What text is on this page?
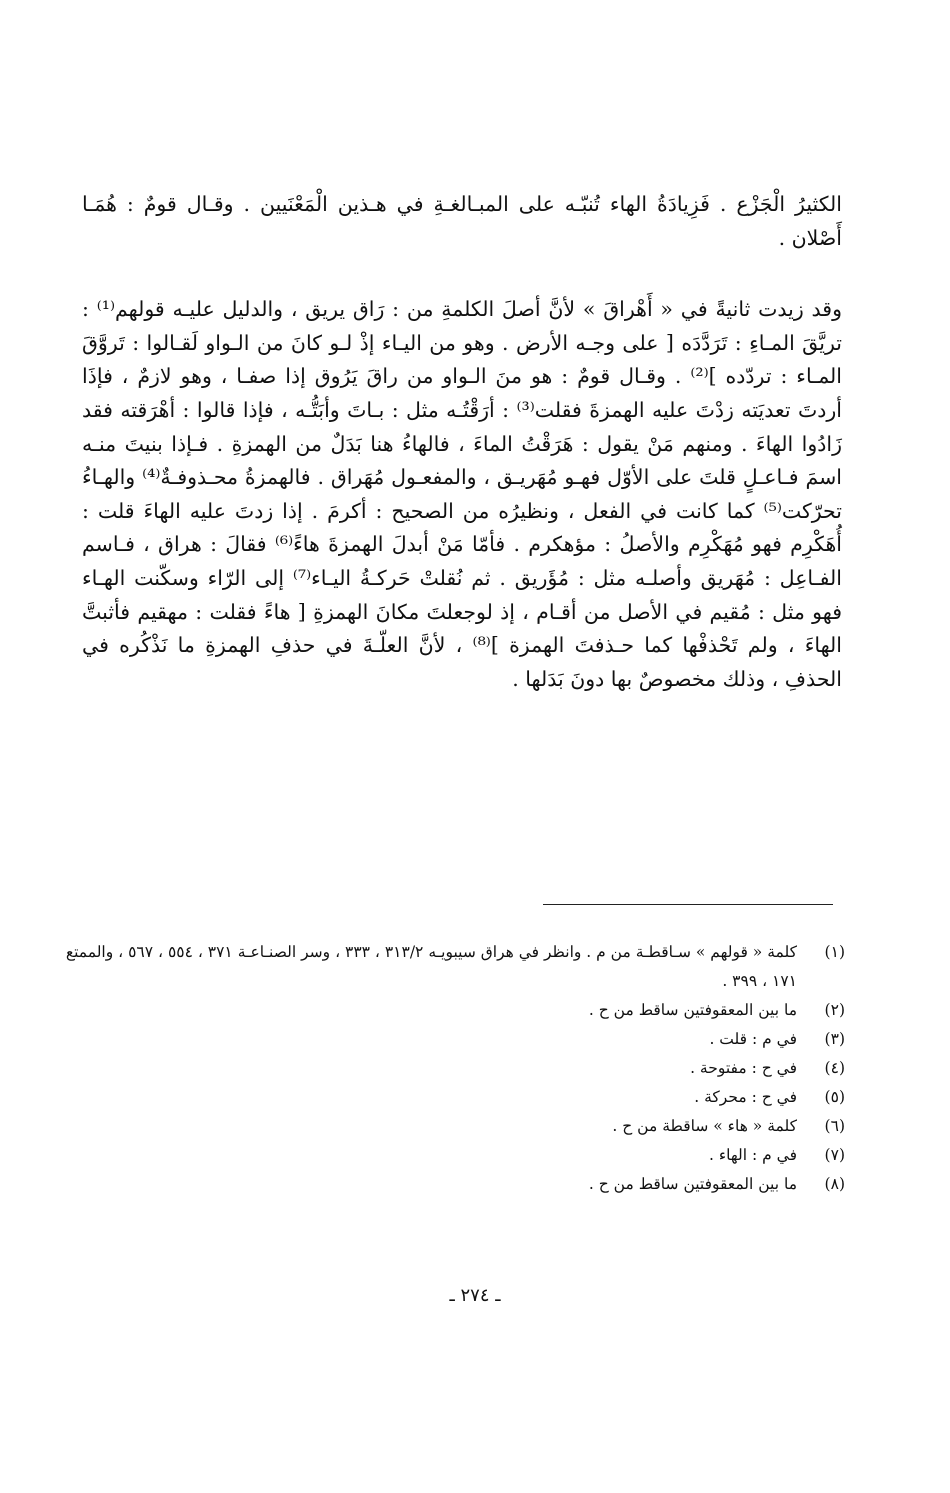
الكثيرُ الْجَزْع . فَزِيادَةُ الهاء تُنبّـه على المبـالغـةِ في هـذين الْمَعْنَيين . وقـال قومٌ : هُمَـا أَصْلان .

وقد زيدت ثانيةً في « أَهْراقَ » لأنَّ أصلَ الكلمةِ من : رَاق يريق ، والدليل عليـه قولهم⁽¹⁾ : تريَّقَ المـاءِ : تَرَدَّدَه [ على وجـه الأرض . وهو من اليـاء إذْ لـو كانَ من الـواو لَقـالوا : تَروَّقَ المـاء : تردّده ]⁽²⁾ . وقـال قومٌ : هو منَ الـواو من راقَ يَرُوق إذا صفـا ، وهو لازمٌ ، فإذَا أردتَ تعديَته زدْتَ عليه الهمزةَ فقلت⁽³⁾ : أرَقْتُـه مثل : بـاتَ وأبَتُّـه ، فإذا قالوا : أهْرَقته فقد زَادُوا الهاءَ . ومنهم مَنْ يقول : هَرَقْتُ الماءَ ، فالهاءُ هنا بَدَلٌ من الهمزةِ . فـإذا بنيتَ منـه اسمَ فـاعـلٍ قلتَ على الأوّل فهـو مُهَريـق ، والمفعـول مُهَراق . فالهمزةُ محـذوفـةٌ⁽⁴⁾ والهـاءُ تحرّكت⁽⁵⁾ كما كانت في الفعل ، ونظيرُه من الصحيح : أكرمَ . إذا زدتَ عليه الهاءَ قلت : أُهَكْرِم فهو مُهَكْرِم والأصلُ : مؤهكرم . فأمّا مَنْ أبدلَ الهمزةَ هاءً⁽⁶⁾ فقالَ : هراق ، فـاسم الفـاعِل : مُهَريق وأصلـه مثل : مُؤَريق . ثم نُقلتْ حَركـةُ اليـاء⁽⁷⁾ إلى الرّاء وسكّنت الهـاء فهو مثل : مُقيم في الأصل من أقـام ، إذ لوجعلتَ مكانَ الهمزةِ [ هاءً فقلت : مهقيم فأثبتَّ الهاءَ ، ولم تَحْذفْها كما حـذفتَ الهمزة ]⁽⁸⁾ ، لأنَّ العلّـةَ في حذفِ الهمزةِ ما نَذْكُره في الحذفِ ، وذلك مخصوصٌ بها دونَ بَدَلها .

(١)
كلمة « قولهم » سـاقطـة من م . وانظر في هراق سيبويـه ٣١٣/٢ ، ٣٣٣ ، وسر الصنـاعـة ٣٧١ ، ٥٥٤ ، ٥٦٧ ، والممتع ١٧١ ، ٣٩٩ .
(٢)
ما بين المعقوفتين ساقط من ح .
(٣)
في م : قلت .
(٤)
في ح : مفتوحة .
(٥)
في ح : محركة .
(٦)
كلمة « هاء » ساقطة من ح .
(٧)
في م : الهاء .
(٨)
ما بين المعقوفتين ساقط من ح .
ـ ٢٧٤ ـ
